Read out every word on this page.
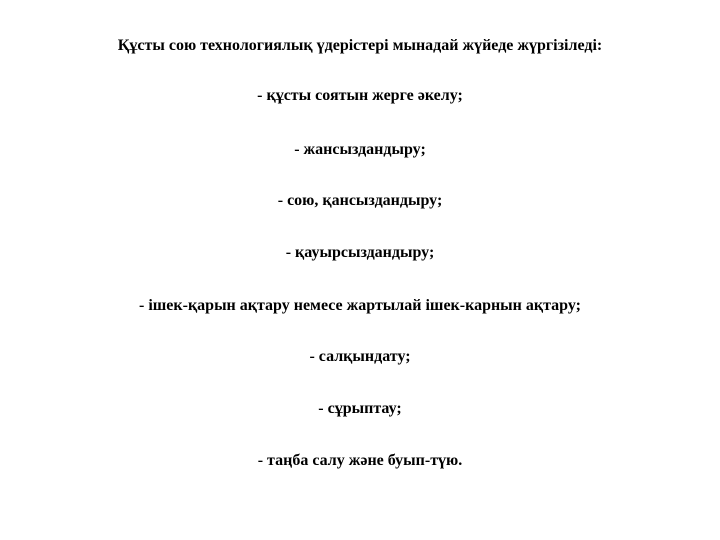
Құсты сою технологиялық үдерістері мынадай жүйеде жүргізіледі:
- құсты соятын жерге әкелу;
- жансыздандыру;
- сою, қансыздандыру;
- қауырсыздандыру;
- ішек-қарын ақтару немесе жартылай ішек-карнын ақтару;
- салқындату;
- сұрыптау;
- таңба салу және буып-түю.
